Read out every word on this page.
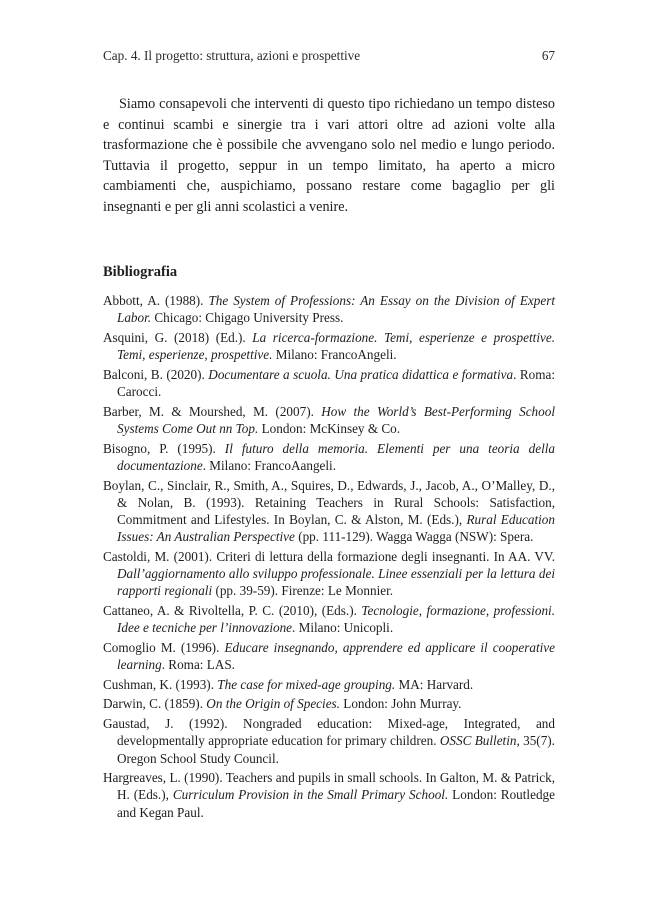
Cap. 4. Il progetto: struttura, azioni e prospettive	67

Siamo consapevoli che interventi di questo tipo richiedano un tempo disteso e continui scambi e sinergie tra i vari attori oltre ad azioni volte alla trasformazione che è possibile che avvengano solo nel medio e lungo periodo. Tuttavia il progetto, seppur in un tempo limitato, ha aperto a micro cambiamenti che, auspichiamo, possano restare come bagaglio per gli insegnanti e per gli anni scolastici a venire.

Bibliografia
Abbott, A. (1988). The System of Professions: An Essay on the Division of Expert Labor. Chicago: Chigago University Press.
Asquini, G. (2018) (Ed.). La ricerca-formazione. Temi, esperienze e prospettive. Temi, esperienze, prospettive. Milano: FrancoAngeli.
Balconi, B. (2020). Documentare a scuola. Una pratica didattica e formativa. Roma: Carocci.
Barber, M. & Mourshed, M. (2007). How the World’s Best-Performing School Systems Come Out nn Top. London: McKinsey & Co.
Bisogno, P. (1995). Il futuro della memoria. Elementi per una teoria della documentazione. Milano: FrancoAangeli.
Boylan, C., Sinclair, R., Smith, A., Squires, D., Edwards, J., Jacob, A., O’Malley, D., & Nolan, B. (1993). Retaining Teachers in Rural Schools: Satisfaction, Commitment and Lifestyles. In Boylan, C. & Alston, M. (Eds.), Rural Education Issues: An Australian Perspective (pp. 111-129). Wagga Wagga (NSW): Spera.
Castoldi, M. (2001). Criteri di lettura della formazione degli insegnanti. In AA. VV. Dall’aggiornamento allo sviluppo professionale. Linee essenziali per la lettura dei rapporti regionali (pp. 39-59). Firenze: Le Monnier.
Cattaneo, A. & Rivoltella, P. C. (2010), (Eds.). Tecnologie, formazione, professioni. Idee e tecniche per l’innovazione. Milano: Unicopli.
Comoglio M. (1996). Educare insegnando, apprendere ed applicare il cooperative learning. Roma: LAS.
Cushman, K. (1993). The case for mixed-age grouping. MA: Harvard.
Darwin, C. (1859). On the Origin of Species. London: John Murray.
Gaustad, J. (1992). Nongraded education: Mixed-age, Integrated, and developmentally appropriate education for primary children. OSSC Bulletin, 35(7). Oregon School Study Council.
Hargreaves, L. (1990). Teachers and pupils in small schools. In Galton, M. & Patrick, H. (Eds.), Curriculum Provision in the Small Primary School. London: Routledge and Kegan Paul.
